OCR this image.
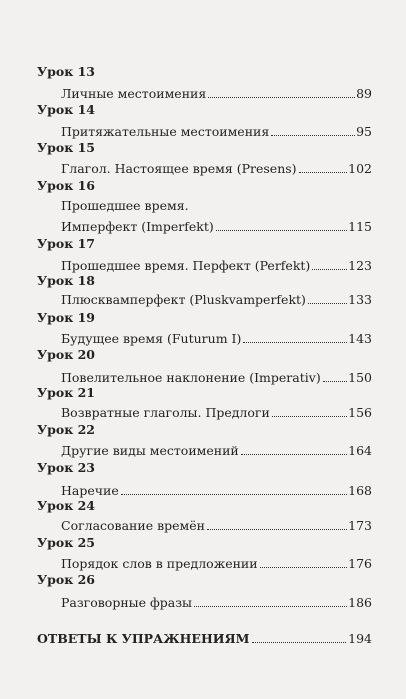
Урок 13
Личные местоимения	89
Урок 14
Притяжательные местоимения	95
Урок 15
Глагол. Настоящее время (Presens)	102
Урок 16
Прошедшее время.
Имперфект (Imperfekt)	115
Урок 17
Прошедшее время. Перфект (Perfekt)	123
Урок 18
Плюсквамперфект (Pluskvamperfekt)	133
Урок 19
Будущее время (Futurum I)	143
Урок 20
Повелительное наклонение (Imperativ) 150
Урок 21
Возвратные глаголы. Предлоги	156
Урок 22
Другие виды местоимений	164
Урок 23
Наречие	168
Урок 24
Согласование времён	173
Урок 25
Порядок слов в предложении	176
Урок 26
Разговорные фразы	186
ОТВЕТЫ К УПРАЖНЕНИЯМ	194
